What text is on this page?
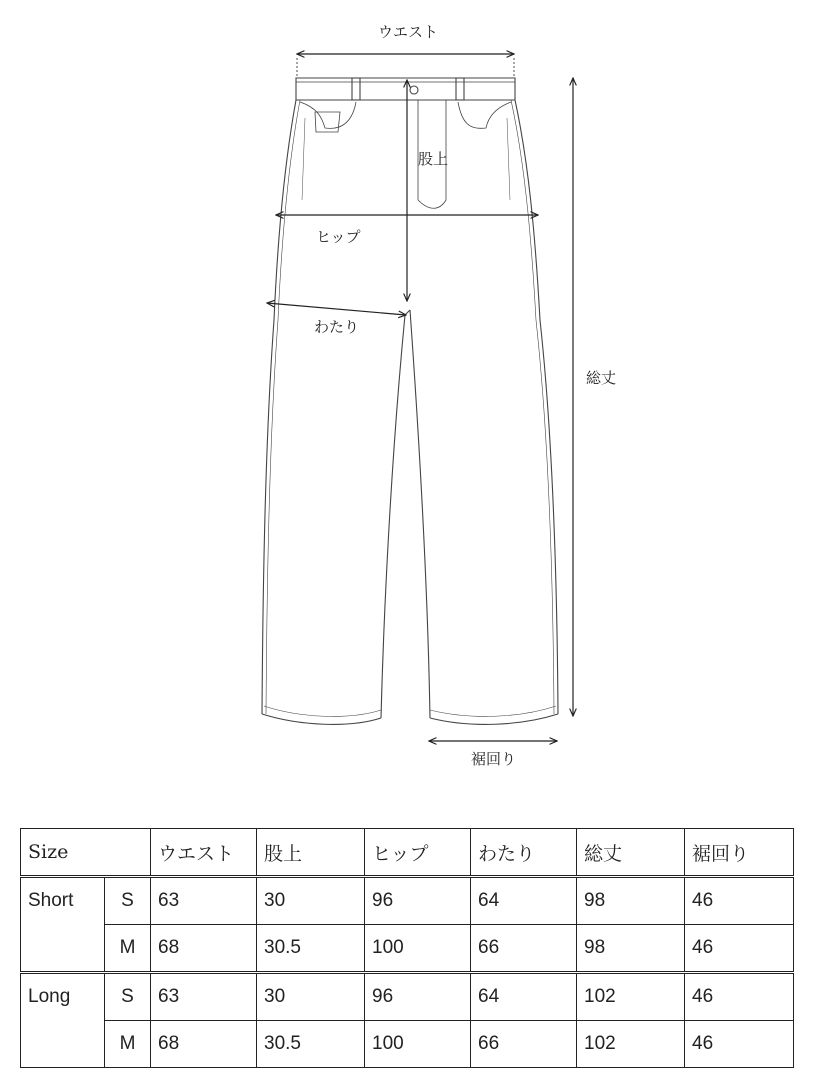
ウエスト
股上
ヒップ
わたり
総丈
裾回り
Size		ウエスト	股上	ヒップ	わたり	総丈	裾回り
Short	S	63	30	96	64	98	46
	M	68	30.5	100	66	98	46
Long	S	63	30	96	64	102	46
	M	68	30.5	100	66	102	46
